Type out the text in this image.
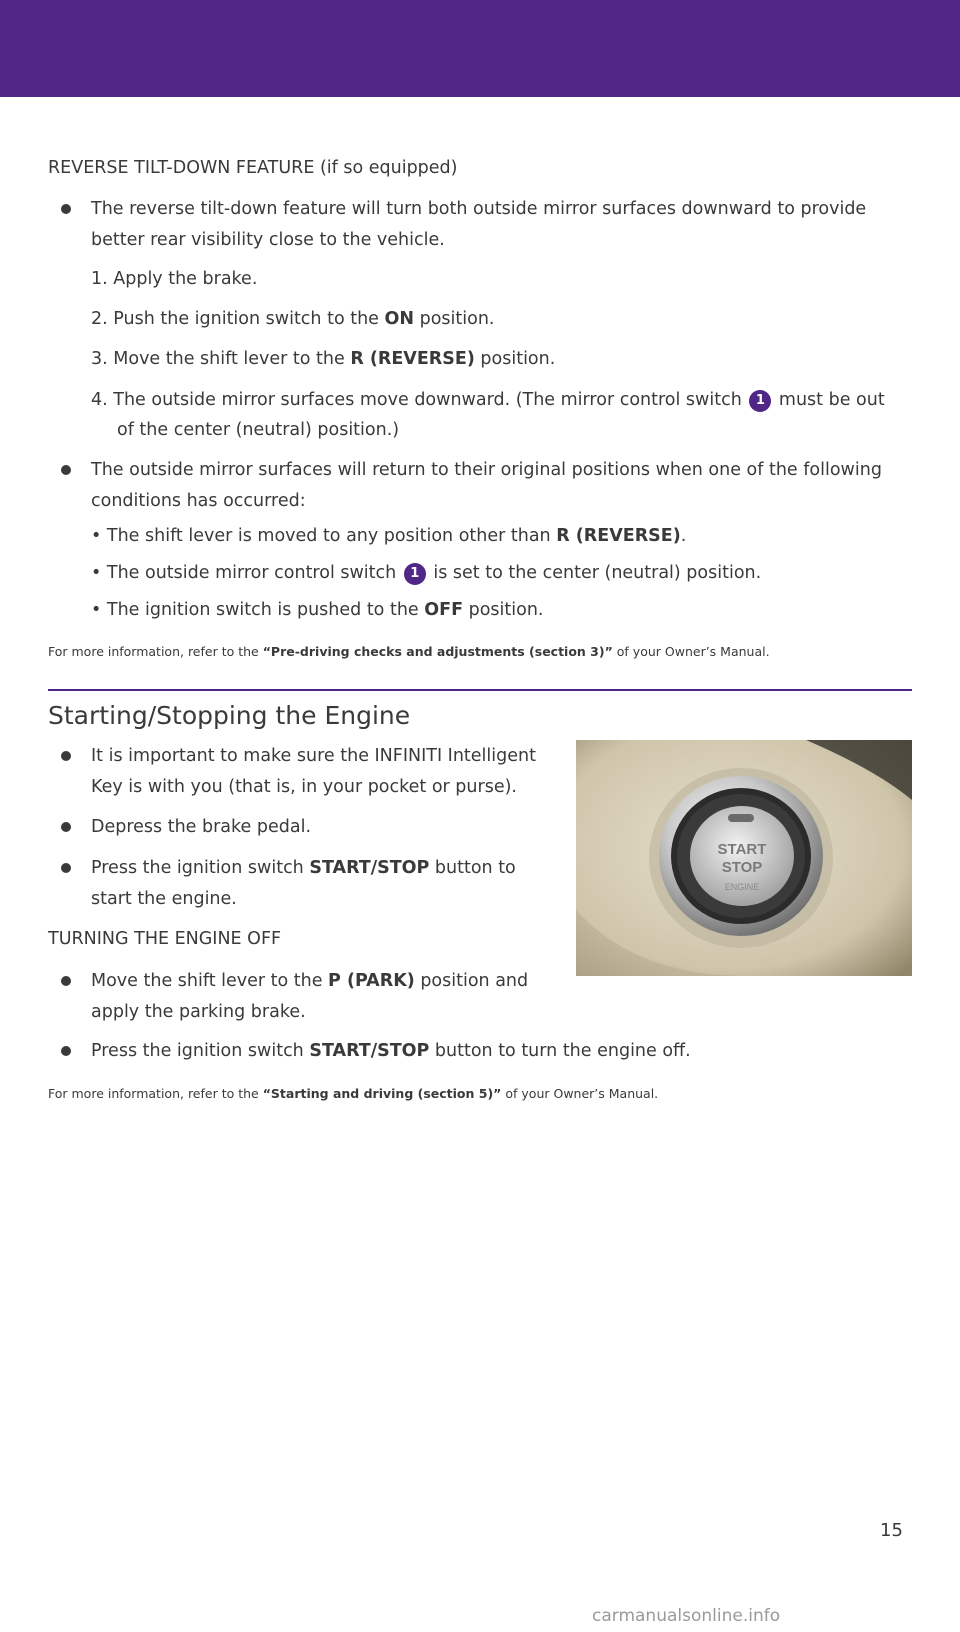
REVERSE TILT-DOWN FEATURE (if so equipped)
The reverse tilt-down feature will turn both outside mirror surfaces downward to provide
better rear visibility close to the vehicle.
1. Apply the brake.
2. Push the ignition switch to the ON position.
3. Move the shift lever to the R (REVERSE) position.
4. The outside mirror surfaces move downward. (The mirror control switch 1 must be out
of the center (neutral) position.)
The outside mirror surfaces will return to their original positions when one of the following
conditions has occurred:
• The shift lever is moved to any position other than R (REVERSE).
• The outside mirror control switch 1 is set to the center (neutral) position.
• The ignition switch is pushed to the OFF position.
For more information, refer to the “Pre-driving checks and adjustments (section 3)” of your Owner’s Manual.
Starting/Stopping the Engine
It is important to make sure the INFINITI Intelligent
Key is with you (that is, in your pocket or purse).
Depress the brake pedal.
Press the ignition switch START/STOP button to
start the engine.
TURNING THE ENGINE OFF
Move the shift lever to the P (PARK) position and
apply the parking brake.
Press the ignition switch START/STOP button to turn the engine off.
For more information, refer to the “Starting and driving (section 5)” of your Owner’s Manual.
START
STOP
ENGINE
15
carmanualsonline.info
